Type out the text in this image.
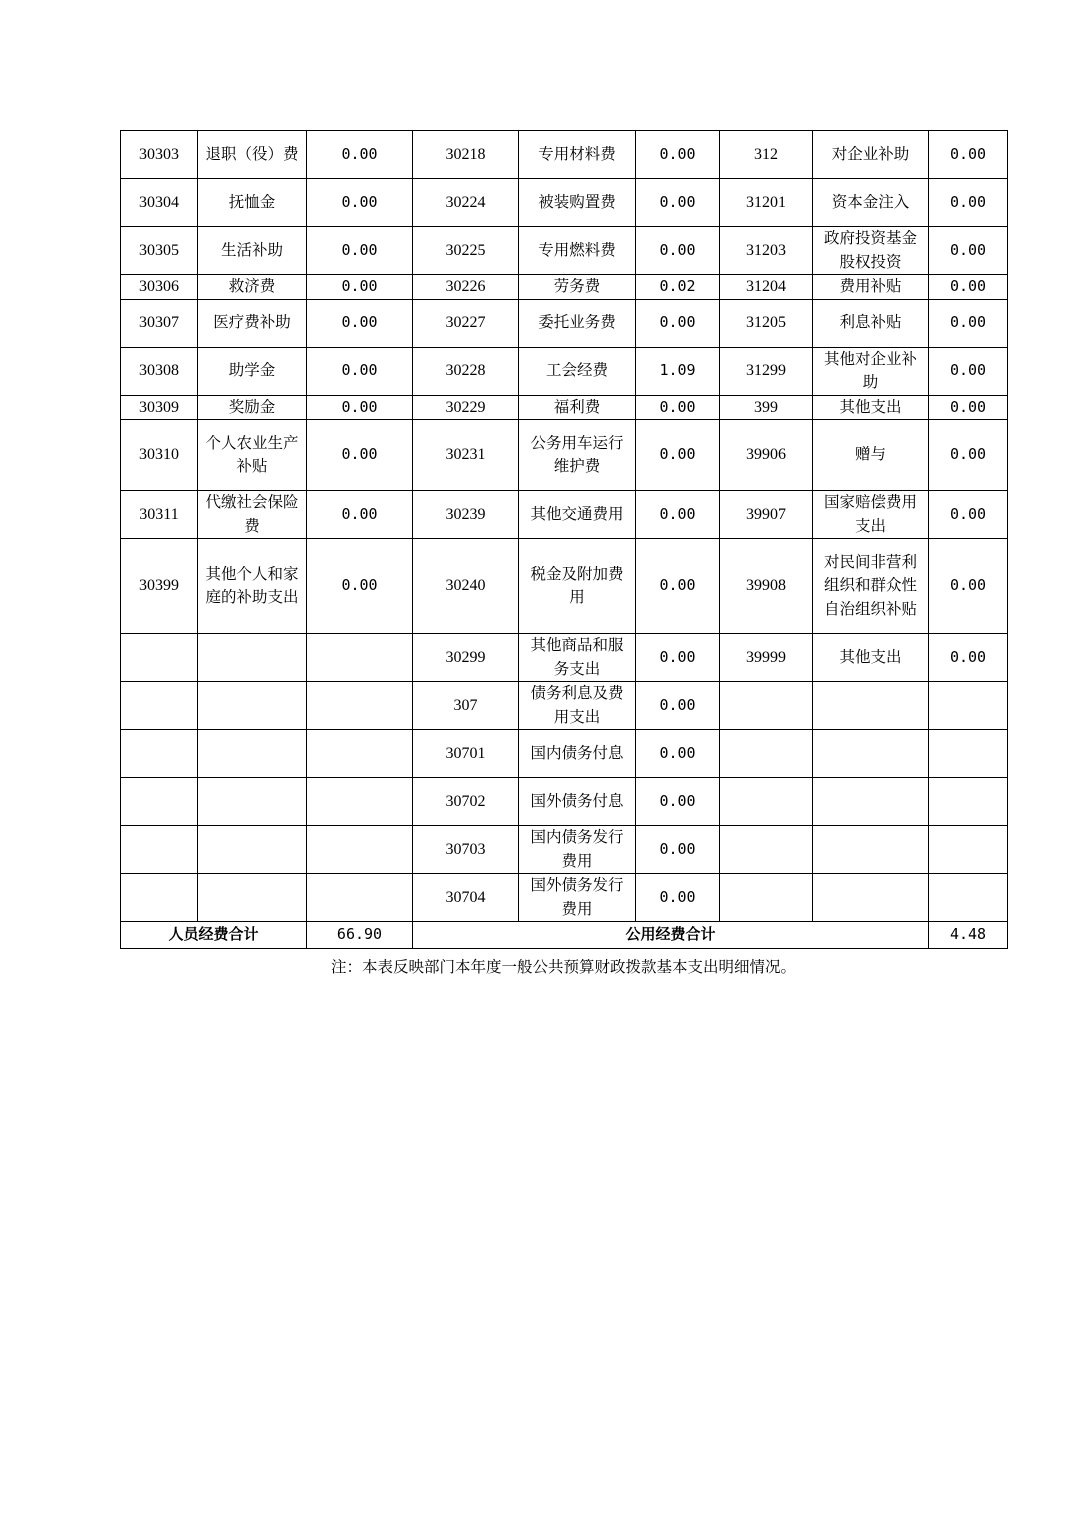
30303	退职（役）费	0.00	30218	专用材料费	0.00	312	对企业补助	0.00
30304	抚恤金	0.00	30224	被装购置费	0.00	31201	资本金注入	0.00
30305	生活补助	0.00	30225	专用燃料费	0.00	31203	政府投资基金股权投资	0.00
30306	救济费	0.00	30226	劳务费	0.02	31204	费用补贴	0.00
30307	医疗费补助	0.00	30227	委托业务费	0.00	31205	利息补贴	0.00
30308	助学金	0.00	30228	工会经费	1.09	31299	其他对企业补助	0.00
30309	奖励金	0.00	30229	福利费	0.00	399	其他支出	0.00
30310	个人农业生产补贴	0.00	30231	公务用车运行维护费	0.00	39906	赠与	0.00
30311	代缴社会保险费	0.00	30239	其他交通费用	0.00	39907	国家赔偿费用支出	0.00
30399	其他个人和家庭的补助支出	0.00	30240	税金及附加费用	0.00	39908	对民间非营利组织和群众性自治组织补贴	0.00
			30299	其他商品和服务支出	0.00	39999	其他支出	0.00
			307	债务利息及费用支出	0.00			
			30701	国内债务付息	0.00			
			30702	国外债务付息	0.00			
			30703	国内债务发行费用	0.00			
			30704	国外债务发行费用	0.00			
人员经费合计		66.90	公用经费合计					4.48
注：本表反映部门本年度一般公共预算财政拨款基本支出明细情况。
